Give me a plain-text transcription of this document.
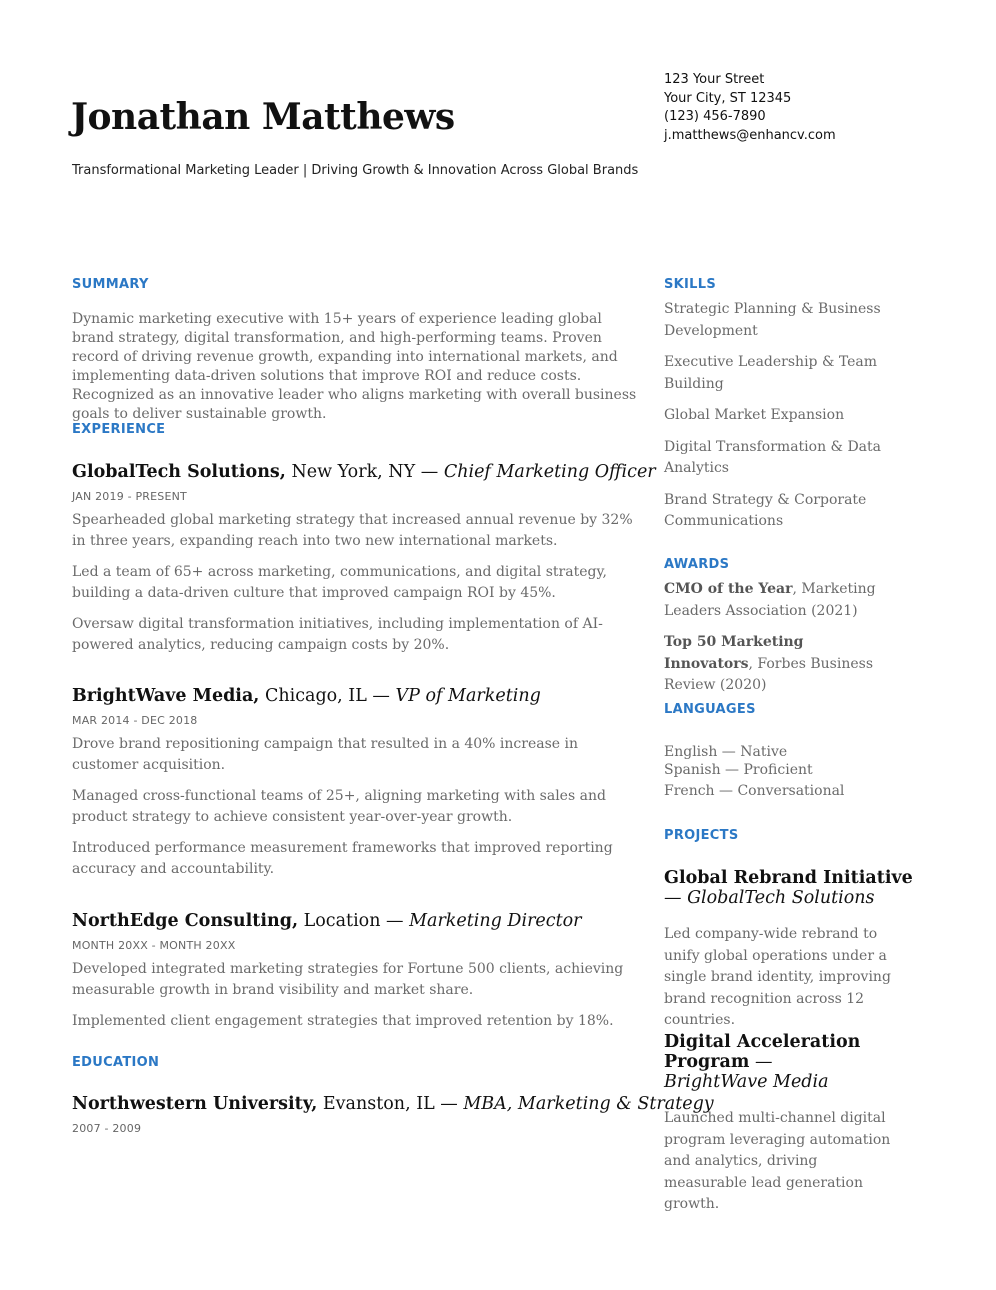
Jonathan Matthews

Transformational Marketing Leader | Driving Growth & Innovation Across Global Brands

123 Your Street
Your City, ST 12345
(123) 456-7890
j.matthews@enhancv.com
SUMMARY

Dynamic marketing executive with 15+ years of experience leading global brand strategy, digital transformation, and high-performing teams. Proven record of driving revenue growth, expanding into international markets, and implementing data-driven solutions that improve ROI and reduce costs. Recognized as an innovative leader who aligns marketing with overall business goals to deliver sustainable growth.

EXPERIENCE

GlobalTech Solutions, New York, NY — Chief Marketing Officer

JAN 2019 - PRESENT

Spearheaded global marketing strategy that increased annual revenue by 32% in three years, expanding reach into two new international markets.

Led a team of 65+ across marketing, communications, and digital strategy, building a data-driven culture that improved campaign ROI by 45%.

Oversaw digital transformation initiatives, including implementation of AI-powered analytics, reducing campaign costs by 20%.

BrightWave Media, Chicago, IL — VP of Marketing

MAR 2014 - DEC 2018

Drove brand repositioning campaign that resulted in a 40% increase in customer acquisition.

Managed cross-functional teams of 25+, aligning marketing with sales and product strategy to achieve consistent year-over-year growth.

Introduced performance measurement frameworks that improved reporting accuracy and accountability.

NorthEdge Consulting, Location — Marketing Director

MONTH 20XX - MONTH 20XX

Developed integrated marketing strategies for Fortune 500 clients, achieving measurable growth in brand visibility and market share.

Implemented client engagement strategies that improved retention by 18%.

EDUCATION

Northwestern University, Evanston, IL — MBA, Marketing & Strategy

2007 - 2009
SKILLS

Strategic Planning & Business Development

Executive Leadership & Team Building

Global Market Expansion

Digital Transformation & Data Analytics

Brand Strategy & Corporate Communications

AWARDS

CMO of the Year, Marketing Leaders Association (2021)

Top 50 Marketing Innovators, Forbes Business Review (2020)

LANGUAGES

English — Native

Spanish — Proficient

French — Conversational

PROJECTS

Global Rebrand Initiative
— GlobalTech Solutions

Led company-wide rebrand to unify global operations under a single brand identity, improving brand recognition across 12 countries.

Digital Acceleration Program — BrightWave Media

Launched multi-channel digital program leveraging automation and analytics, driving measurable lead generation growth.
